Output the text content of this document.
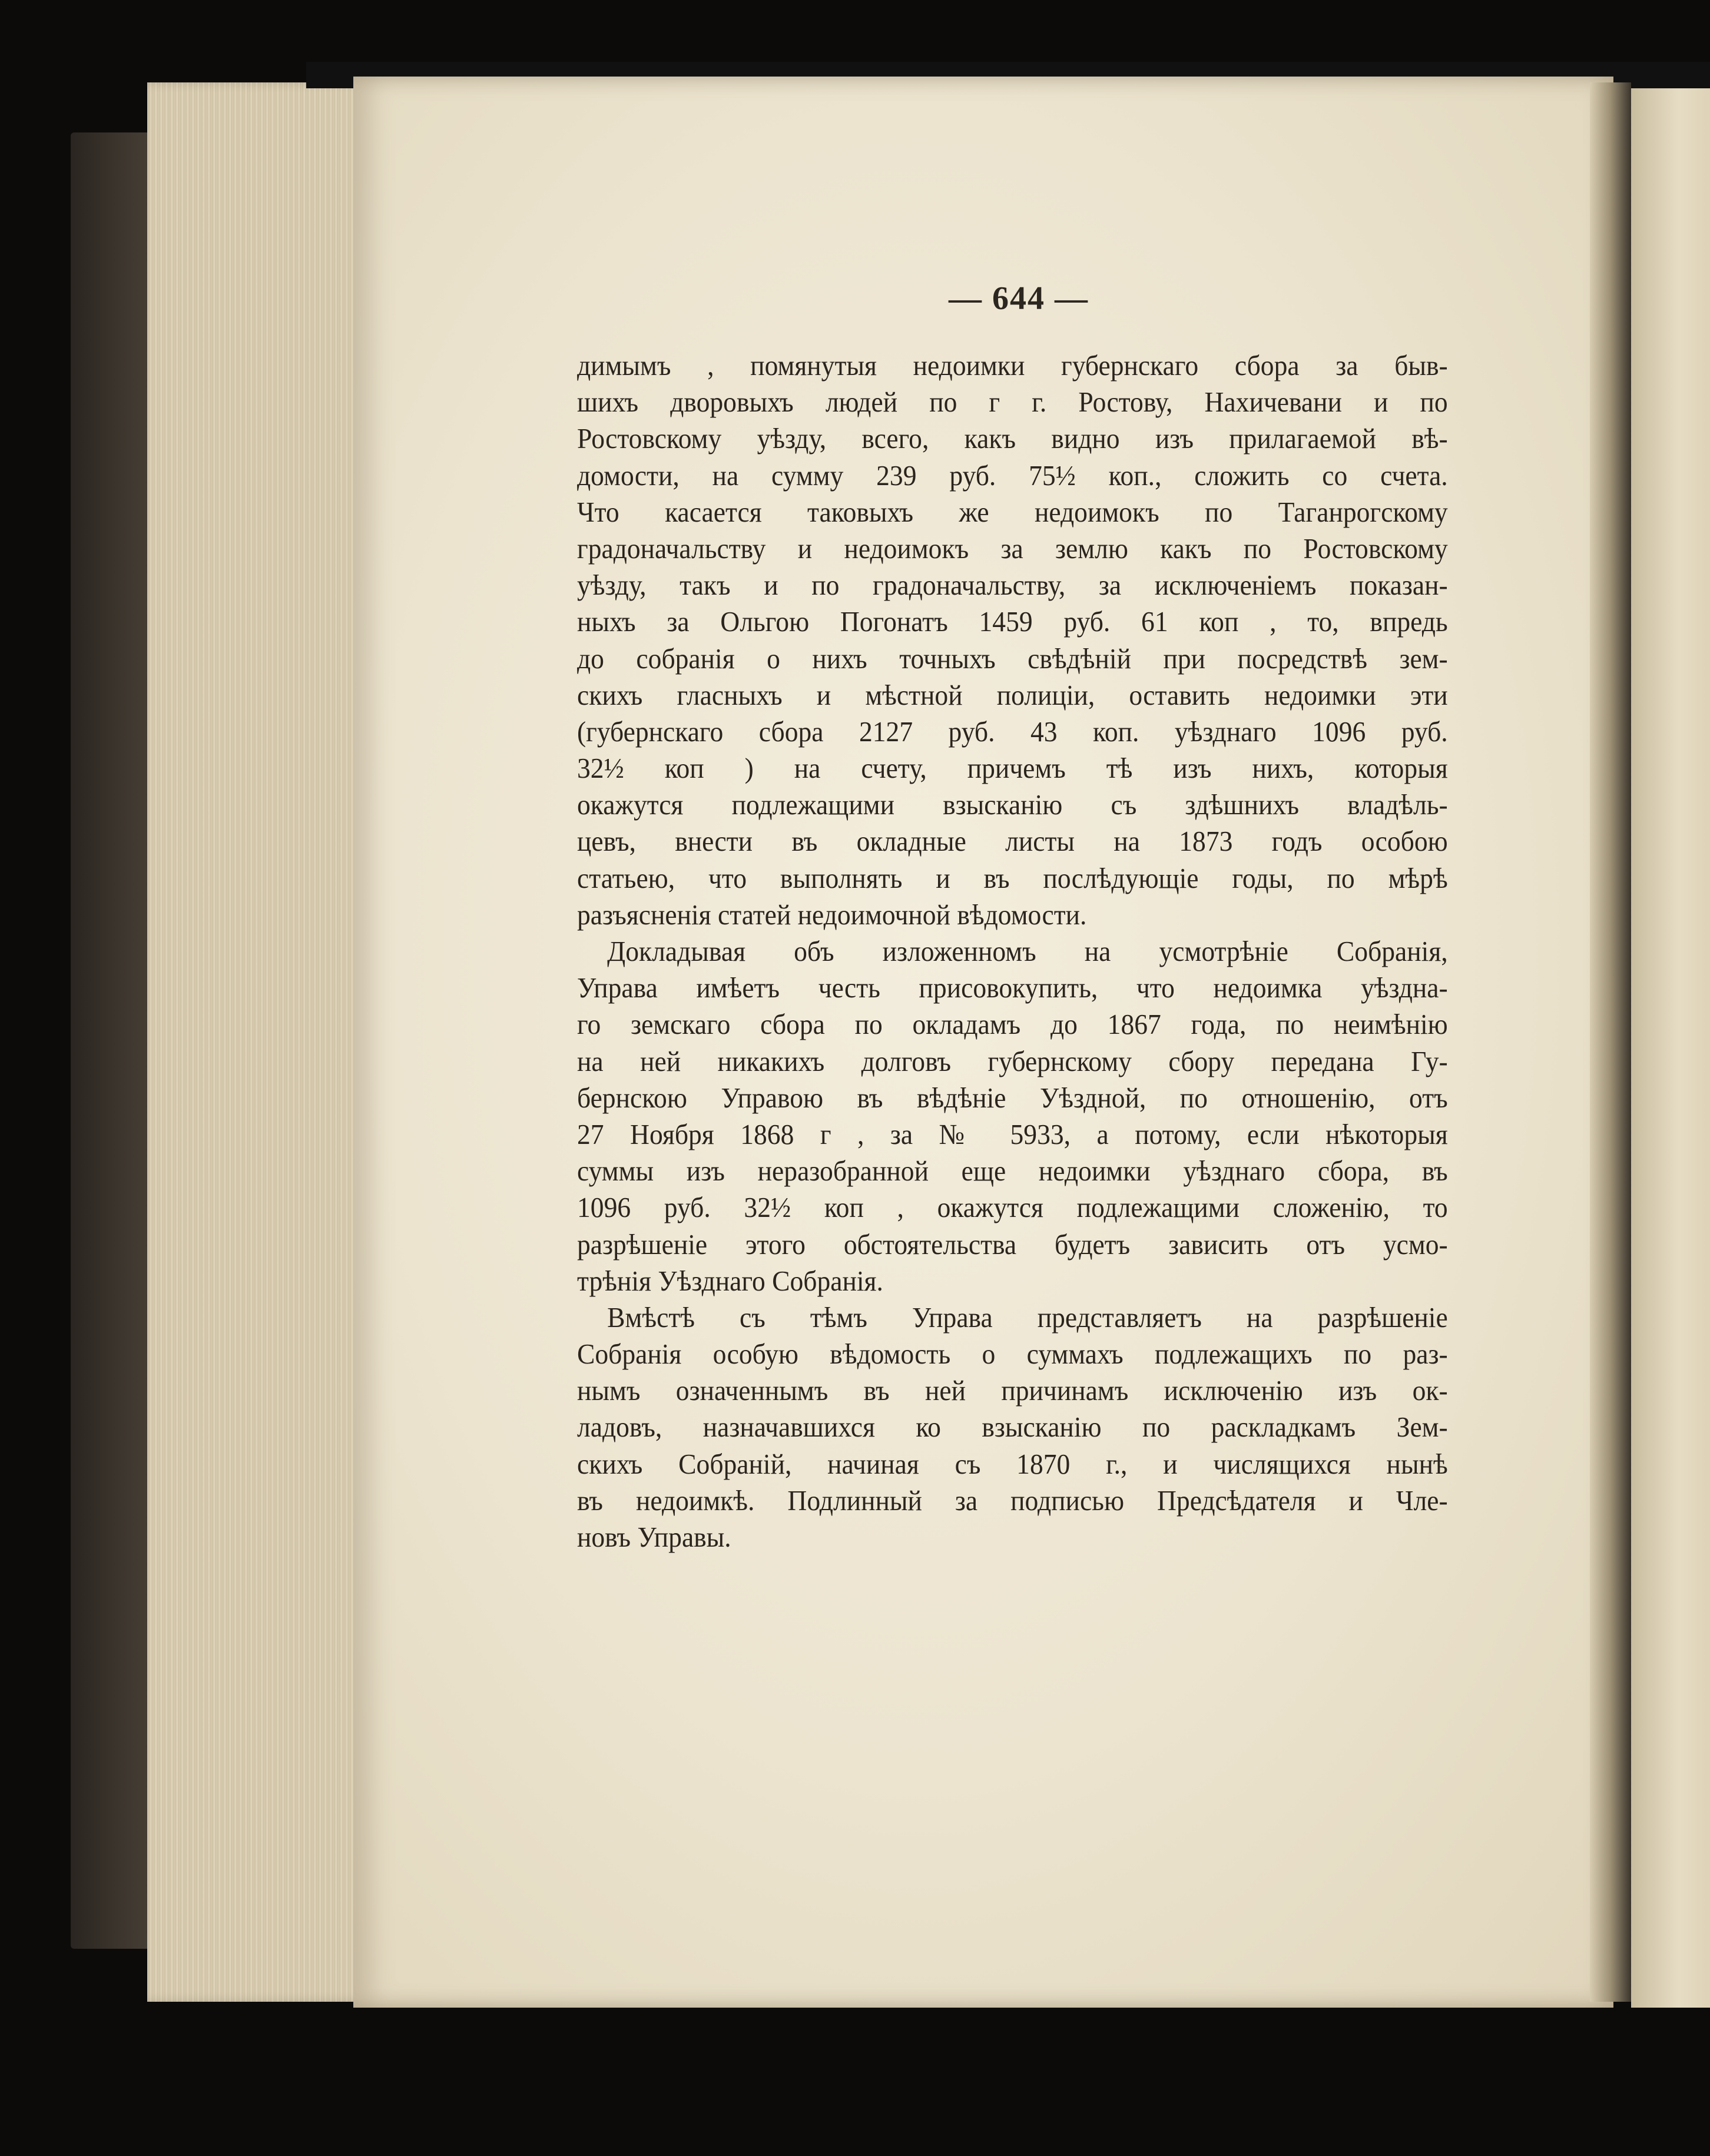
— 644 —
димымъ , помянутыя недоимки губернскаго сбора за быв-
шихъ дворовыхъ людей по г г. Ростову, Нахичевани и по
Ростовскому уѣзду, всего, какъ видно изъ прилагаемой вѣ-
домости, на сумму 239 руб. 75½ коп., сложить со счета.
Что касается таковыхъ же недоимокъ по Таганрогскому
градоначальству и недоимокъ за землю какъ по Ростовскому
уѣзду, такъ и по градоначальству, за исключеніемъ показан-
ныхъ за Ольгою Погонатъ 1459 руб. 61 коп , то, впредь
до собранія о нихъ точныхъ свѣдѣній при посредствѣ зем-
скихъ гласныхъ и мѣстной полиціи, оставить недоимки эти
(губернскаго сбора 2127 руб. 43 коп. уѣзднаго 1096 руб.
32½ коп ) на счету, причемъ тѣ изъ нихъ, которыя
окажутся подлежащими взысканію съ здѣшнихъ владѣль-
цевъ, внести въ окладные листы на 1873 годъ особою
статьею, что выполнять и въ послѣдующіе годы, по мѣрѣ
разъясненія статей недоимочной вѣдомости.
Докладывая объ изложенномъ на усмотрѣніе Собранія,
Управа имѣетъ честь присовокупить, что недоимка уѣзднa-
го земскаго сбора по окладамъ до 1867 года, по неимѣнію
на ней никакихъ долговъ губернскому сбору передана Гу-
бернскою Управою въ вѣдѣніе Уѣздной, по отношенію, отъ
27 Ноября 1868 г , за № 5933, а потому, если нѣкоторыя
суммы изъ неразобранной еще недоимки уѣзднаго сбора, въ
1096 руб. 32½ коп , окажутся подлежащими сложенію, то
разрѣшеніе этого обстоятельства будетъ зависить отъ усмо-
трѣнія Уѣзднаго Собранія.
Вмѣстѣ съ тѣмъ Управа представляетъ на разрѣшеніе
Собранія особую вѣдомость о суммахъ подлежащихъ по раз-
нымъ означеннымъ въ ней причинамъ исключенію изъ ок-
ладовъ, назначавшихся ко взысканію по раскладкамъ Зем-
скихъ Собраній, начиная съ 1870 г., и числящихся нынѣ
въ недоимкѣ. Подлинный за подписью Предсѣдателя и Чле-
новъ Управы.
